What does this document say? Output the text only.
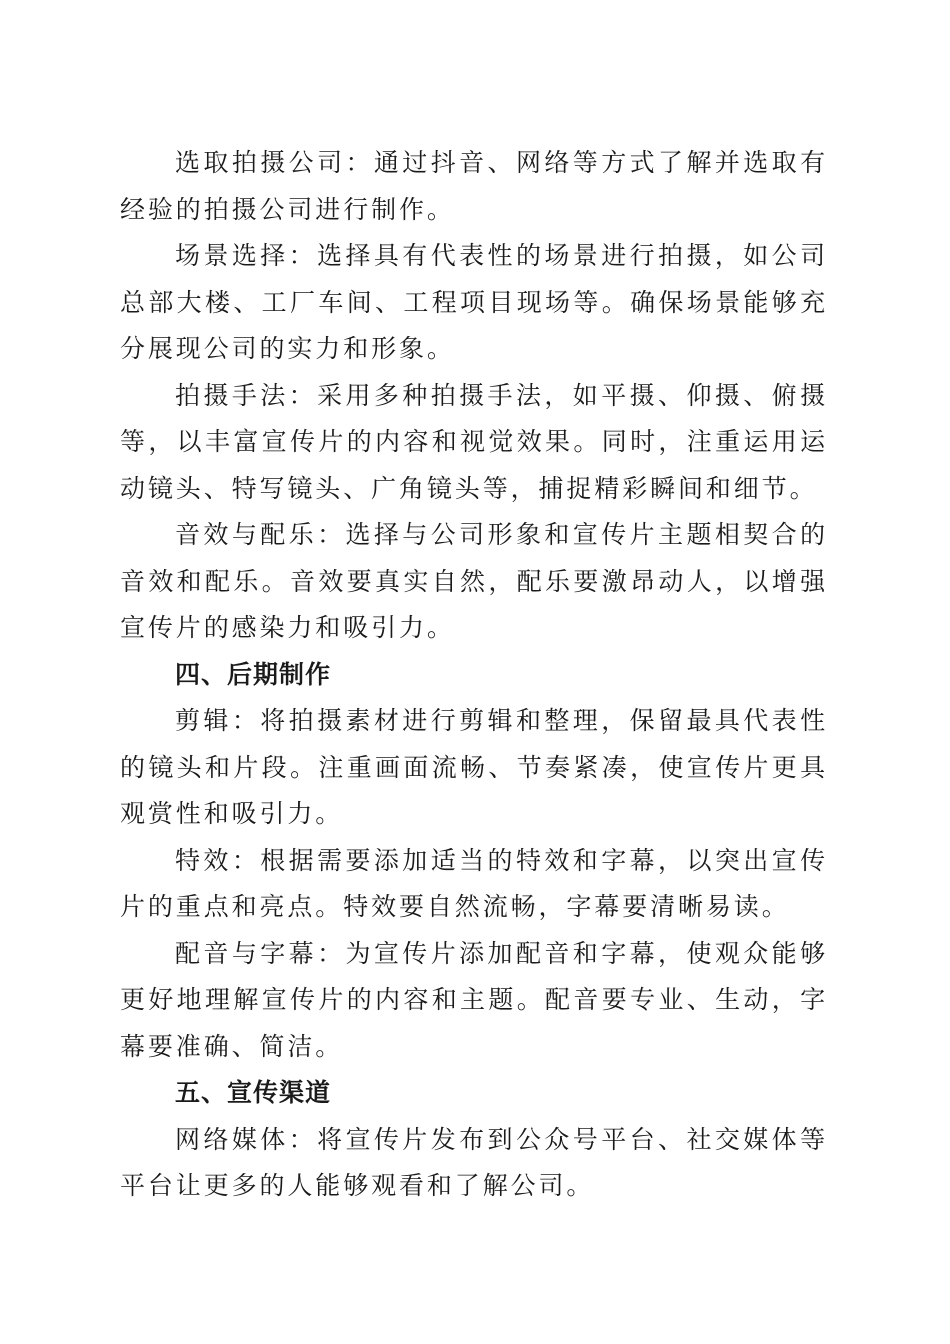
选取拍摄公司：通过抖音、网络等方式了解并选取有经验的拍摄公司进行制作。

场景选择：选择具有代表性的场景进行拍摄，如公司总部大楼、工厂车间、工程项目现场等。确保场景能够充分展现公司的实力和形象。

拍摄手法：采用多种拍摄手法，如平摄、仰摄、俯摄等，以丰富宣传片的内容和视觉效果。同时，注重运用运动镜头、特写镜头、广角镜头等，捕捉精彩瞬间和细节。

音效与配乐：选择与公司形象和宣传片主题相契合的音效和配乐。音效要真实自然，配乐要激昂动人，以增强宣传片的感染力和吸引力。

四、后期制作

剪辑：将拍摄素材进行剪辑和整理，保留最具代表性的镜头和片段。注重画面流畅、节奏紧凑，使宣传片更具观赏性和吸引力。

特效：根据需要添加适当的特效和字幕，以突出宣传片的重点和亮点。特效要自然流畅，字幕要清晰易读。

配音与字幕：为宣传片添加配音和字幕，使观众能够更好地理解宣传片的内容和主题。配音要专业、生动，字幕要准确、简洁。

五、宣传渠道

网络媒体：将宣传片发布到公众号平台、社交媒体等平台让更多的人能够观看和了解公司。
